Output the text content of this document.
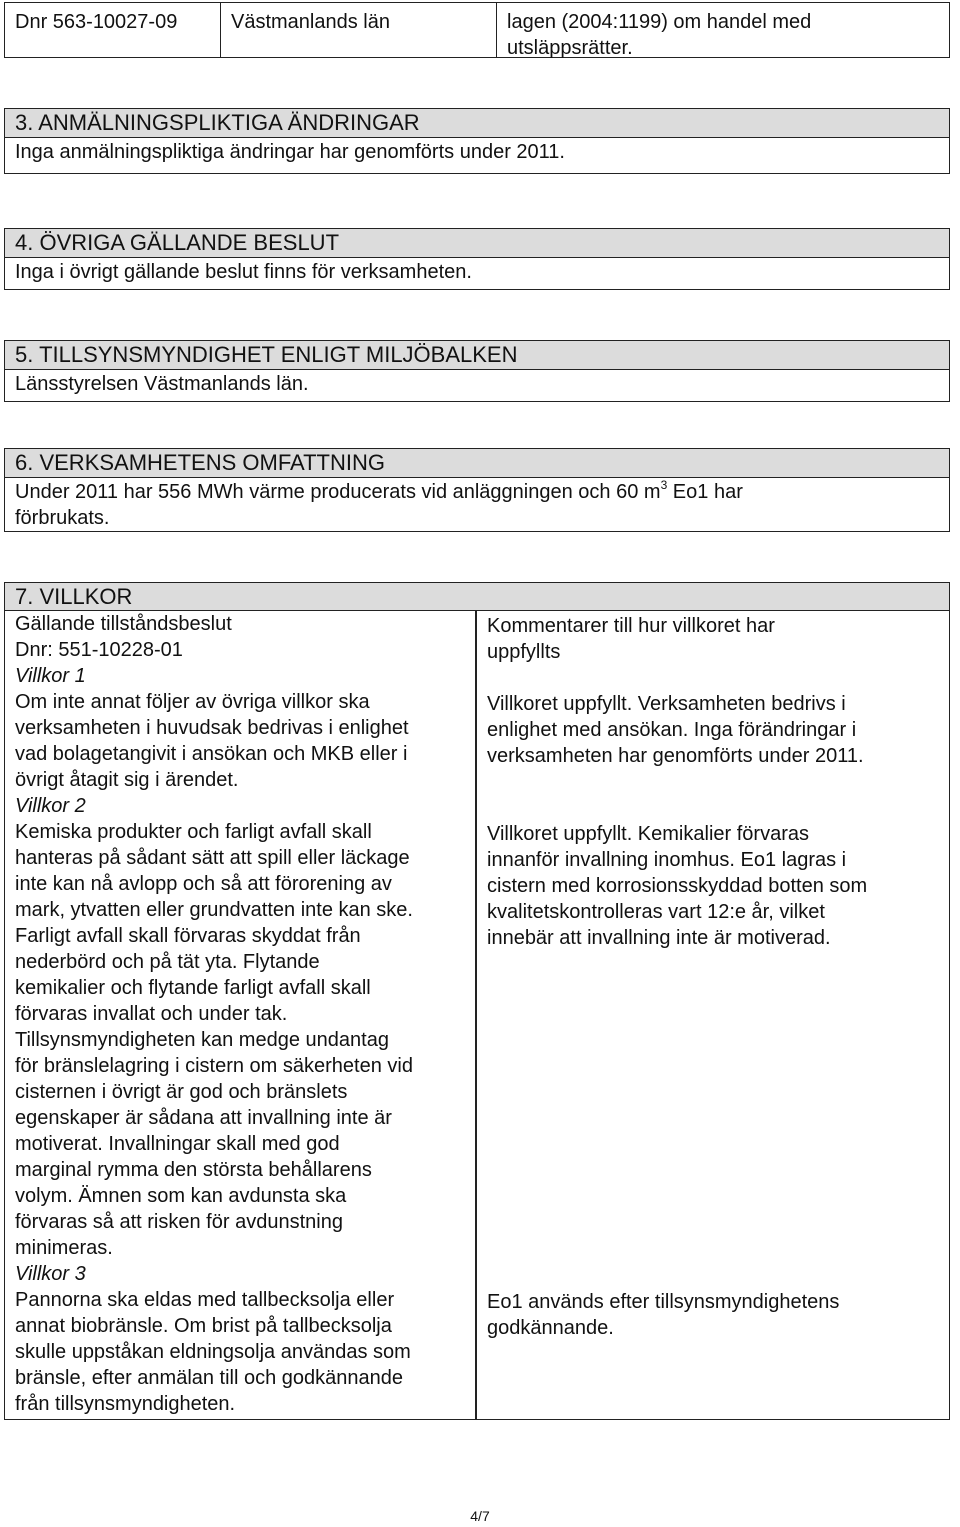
Dnr 563-10027-09	Västmanlands län	lagen (2004:1199) om handel med
utsläppsrätter.
3. ANMÄLNINGSPLIKTIGA ÄNDRINGAR
Inga anmälningspliktiga ändringar har genomförts under 2011.
4. ÖVRIGA GÄLLANDE BESLUT
Inga i övrigt gällande beslut finns för verksamheten.
5. TILLSYNSMYNDIGHET ENLIGT MILJÖBALKEN
Länsstyrelsen Västmanlands län.
6. VERKSAMHETENS OMFATTNING
Under 2011 har 556 MWh värme producerats vid anläggningen och 60 $m^3$ Eo1 har
förbrukats.
7. VILLKOR
Gällande tillståndsbeslut
Dnr: 551-10228-01
Villkor 1
Om inte annat följer av övriga villkor ska
verksamheten i huvudsak bedrivas i enlighet
vad bolagetangivit i ansökan och MKB eller i
övrigt åtagit sig i ärendet.
Villkor 2
Kemiska produkter och farligt avfall skall
hanteras på sådant sätt att spill eller läckage
inte kan nå avlopp och så att förorening av
mark, ytvatten eller grundvatten inte kan ske.
Farligt avfall skall förvaras skyddat från
nederbörd och på tät yta. Flytande
kemikalier och flytande farligt avfall skall
förvaras invallat och under tak.
Tillsynsmyndigheten kan medge undantag
för bränslelagring i cistern om säkerheten vid
cisternen i övrigt är god och bränslets
egenskaper är sådana att invallning inte är
motiverat. Invallningar skall med god
marginal rymma den största behållarens
volym. Ämnen som kan avdunsta ska
förvaras så att risken för avdunstning
minimeras.
Villkor 3
Pannorna ska eldas med tallbecksolja eller
annat biobränsle. Om brist på tallbecksolja
skulle uppståkan eldningsolja användas som
bränsle, efter anmälan till och godkännande
från tillsynsmyndigheten.
Kommentarer till hur villkoret har
uppfyllts
Villkoret uppfyllt. Verksamheten bedrivs i
enlighet med ansökan. Inga förändringar i
verksamheten har genomförts under 2011.
Villkoret uppfyllt. Kemikalier förvaras
innanför invallning inomhus. Eo1 lagras i
cistern med korrosionsskyddad botten som
kvalitetskontrolleras vart 12:e år, vilket
innebär att invallning inte är motiverad.
Eo1 används efter tillsynsmyndighetens
godkännande.
4/7
